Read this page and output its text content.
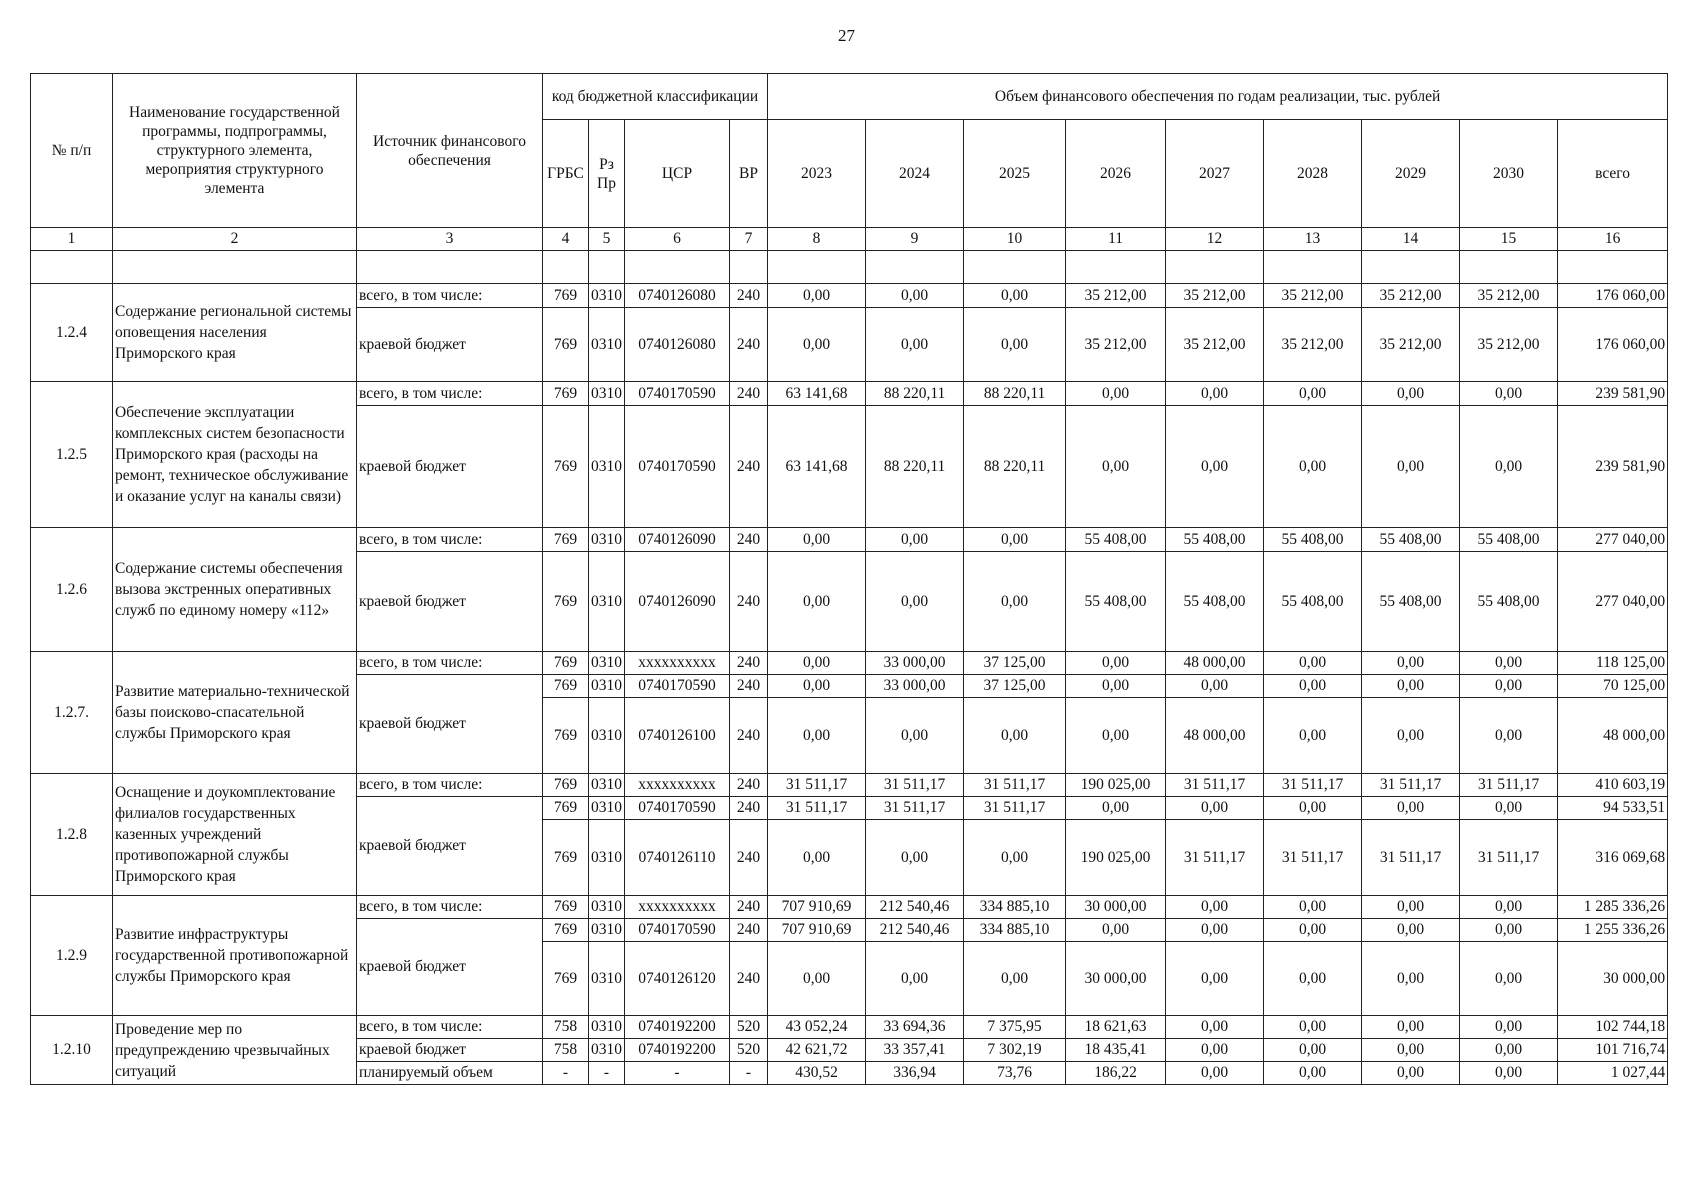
27
№ п/п	Наименование государственной программы, подпрограммы, структурного элемента, мероприятия структурного элемента	Источник финансового обеспечения	код бюджетной классификации				Объем финансового обеспечения по годам реализации, тыс. рублей								
			ГРБС	Рз Пр	ЦСР	ВР	2023	2024	2025	2026	2027	2028	2029	2030	всего
1	2	3	4	5	6	7	8	9	10	11	12	13	14	15	16

1.2.4	Содержание региональной системы оповещения населения Приморского края	всего, в том числе:	769	0310	0740126080	240	0,00	0,00	0,00	35 212,00	35 212,00	35 212,00	35 212,00	35 212,00	176 060,00
		краевой бюджет	769	0310	0740126080	240	0,00	0,00	0,00	35 212,00	35 212,00	35 212,00	35 212,00	35 212,00	176 060,00
1.2.5	Обеспечение эксплуатации комплексных систем безопасности Приморского края (расходы на ремонт, техническое обслуживание и оказание услуг на каналы связи)	всего, в том числе:	769	0310	0740170590	240	63 141,68	88 220,11	88 220,11	0,00	0,00	0,00	0,00	0,00	239 581,90
		краевой бюджет	769	0310	0740170590	240	63 141,68	88 220,11	88 220,11	0,00	0,00	0,00	0,00	0,00	239 581,90
1.2.6	Содержание системы обеспечения вызова экстренных оперативных служб по единому номеру «112»	всего, в том числе:	769	0310	0740126090	240	0,00	0,00	0,00	55 408,00	55 408,00	55 408,00	55 408,00	55 408,00	277 040,00
		краевой бюджет	769	0310	0740126090	240	0,00	0,00	0,00	55 408,00	55 408,00	55 408,00	55 408,00	55 408,00	277 040,00
1.2.7.	Развитие материально-технической базы поисково-спасательной службы Приморского края	всего, в том числе:	769	0310	xxxxxxxxxx	240	0,00	33 000,00	37 125,00	0,00	48 000,00	0,00	0,00	0,00	118 125,00
		краевой бюджет	769	0310	0740170590	240	0,00	33 000,00	37 125,00	0,00	0,00	0,00	0,00	0,00	70 125,00
			769	0310	0740126100	240	0,00	0,00	0,00	0,00	48 000,00	0,00	0,00	0,00	48 000,00
1.2.8	Оснащение и доукомплектование филиалов государственных казенных учреждений противопожарной службы Приморского края	всего, в том числе:	769	0310	xxxxxxxxxx	240	31 511,17	31 511,17	31 511,17	190 025,00	31 511,17	31 511,17	31 511,17	31 511,17	410 603,19
		краевой бюджет	769	0310	0740170590	240	31 511,17	31 511,17	31 511,17	0,00	0,00	0,00	0,00	0,00	94 533,51
			769	0310	0740126110	240	0,00	0,00	0,00	190 025,00	31 511,17	31 511,17	31 511,17	31 511,17	316 069,68
1.2.9	Развитие инфраструктуры государственной противопожарной службы Приморского края	всего, в том числе:	769	0310	xxxxxxxxxx	240	707 910,69	212 540,46	334 885,10	30 000,00	0,00	0,00	0,00	0,00	1 285 336,26
		краевой бюджет	769	0310	0740170590	240	707 910,69	212 540,46	334 885,10	0,00	0,00	0,00	0,00	0,00	1 255 336,26
			769	0310	0740126120	240	0,00	0,00	0,00	30 000,00	0,00	0,00	0,00	0,00	30 000,00
1.2.10	Проведение мер по предупреждению чрезвычайных ситуаций	всего, в том числе:	758	0310	0740192200	520	43 052,24	33 694,36	7 375,95	18 621,63	0,00	0,00	0,00	0,00	102 744,18
		краевой бюджет	758	0310	0740192200	520	42 621,72	33 357,41	7 302,19	18 435,41	0,00	0,00	0,00	0,00	101 716,74
		планируемый объем	-	-	-	-	430,52	336,94	73,76	186,22	0,00	0,00	0,00	0,00	1 027,44
